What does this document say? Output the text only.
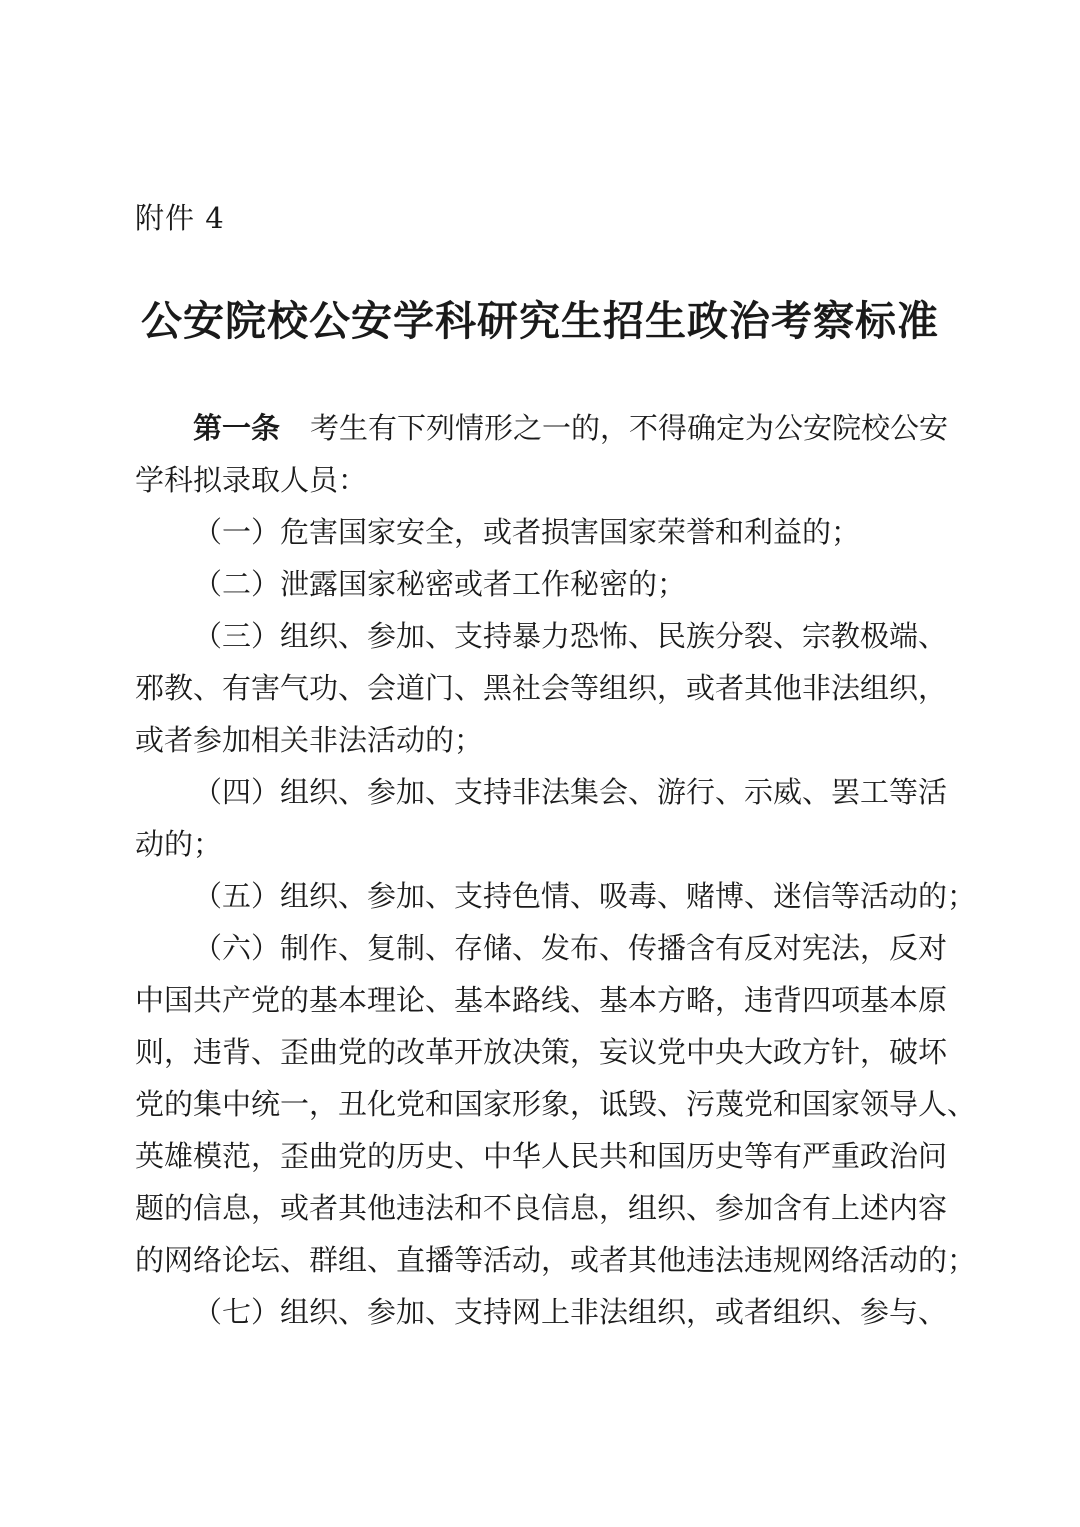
附件 4
公安院校公安学科研究生招生政治考察标准
第一条 考生有下列情形之一的，不得确定为公安院校公安
学科拟录取人员：
（一）危害国家安全，或者损害国家荣誉和利益的；
（二）泄露国家秘密或者工作秘密的；
（三）组织、参加、支持暴力恐怖、民族分裂、宗教极端、
邪教、有害气功、会道门、黑社会等组织，或者其他非法组织，
或者参加相关非法活动的；
（四）组织、参加、支持非法集会、游行、示威、罢工等活
动的；
（五）组织、参加、支持色情、吸毒、赌博、迷信等活动的；
（六）制作、复制、存储、发布、传播含有反对宪法，反对
中国共产党的基本理论、基本路线、基本方略，违背四项基本原
则，违背、歪曲党的改革开放决策，妄议党中央大政方针，破坏
党的集中统一，丑化党和国家形象，诋毁、污蔑党和国家领导人、
英雄模范，歪曲党的历史、中华人民共和国历史等有严重政治问
题的信息，或者其他违法和不良信息，组织、参加含有上述内容
的网络论坛、群组、直播等活动，或者其他违法违规网络活动的；
（七）组织、参加、支持网上非法组织，或者组织、参与、
